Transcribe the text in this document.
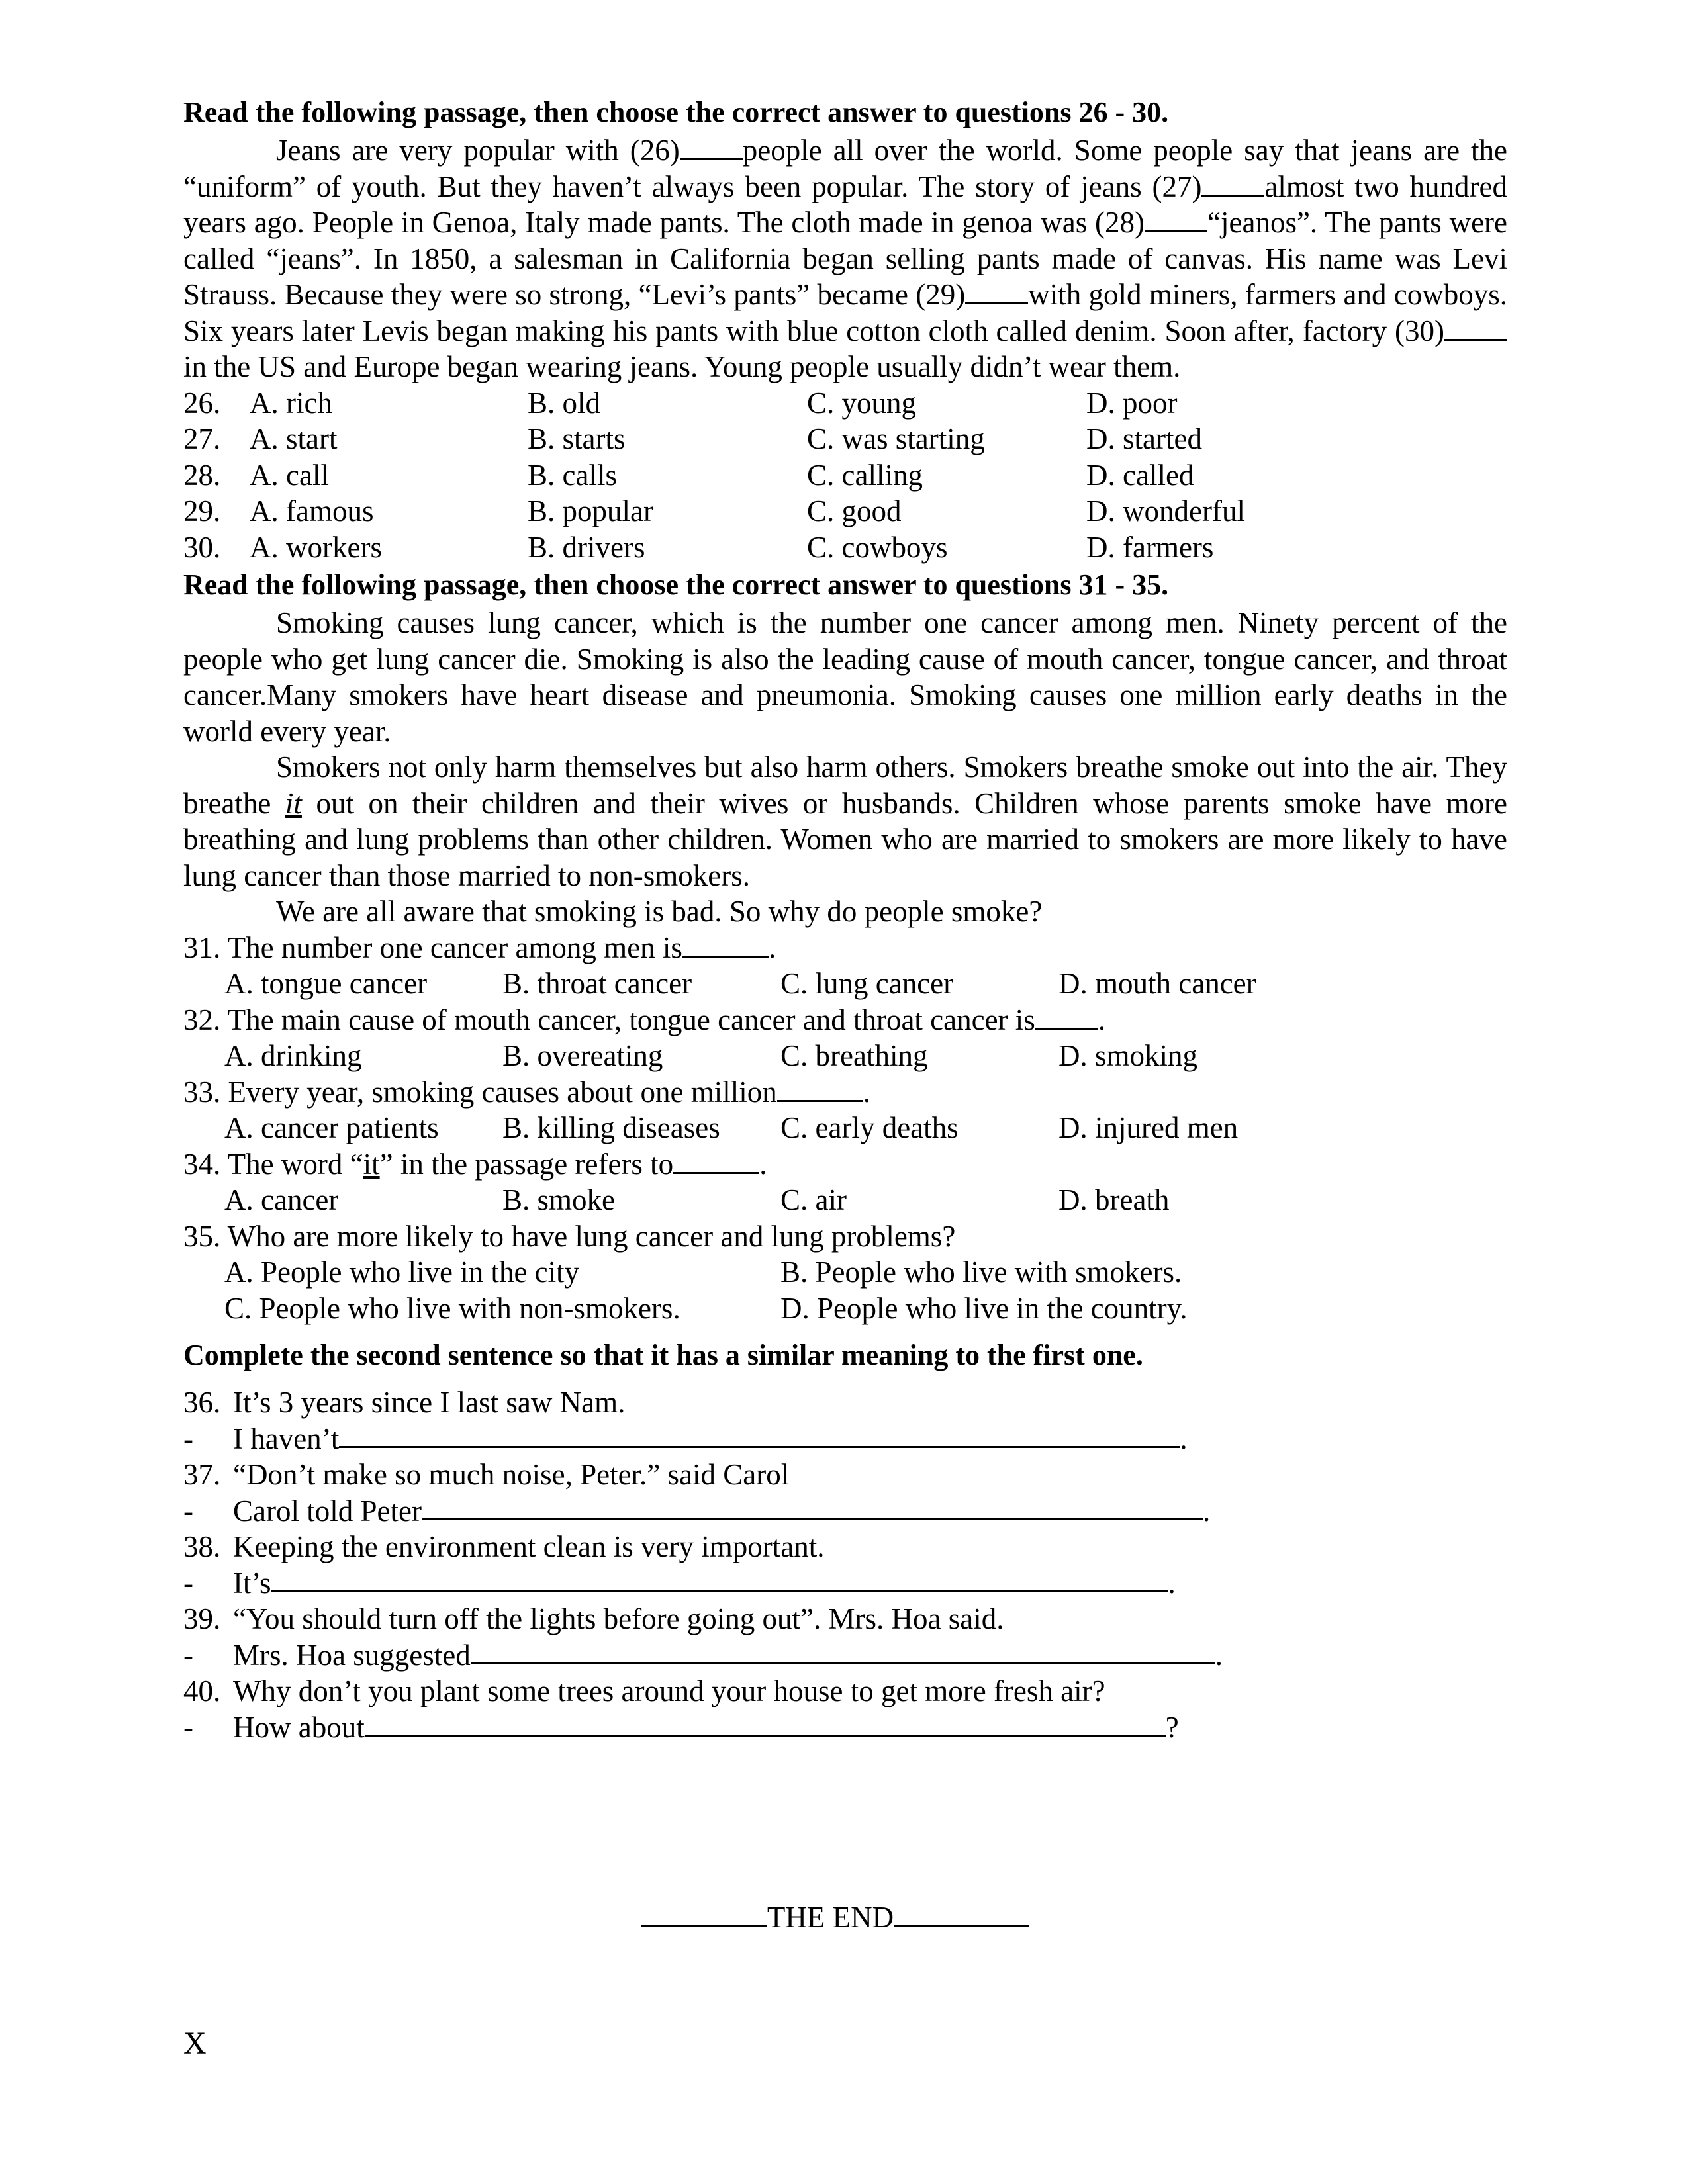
Read the following passage, then choose the correct answer to questions 26 - 30.

Jeans are very popular with (26) people all over the world. Some people say that jeans are the “uniform” of youth. But they haven’t always been popular. The story of jeans (27) almost two hundred years ago. People in Genoa, Italy made pants. The cloth made in genoa was (28) “jeanos”. The pants were called “jeans”. In 1850, a salesman in California began selling pants made of canvas. His name was Levi Strauss. Because they were so strong, “Levi’s pants” became (29) with gold miners, farmers and cowboys. Six years later Levis began making his pants with blue cotton cloth called denim. Soon after, factory (30)in the US and Europe began wearing jeans. Young people usually didn’t wear them.

26. A. rich	B. old	C. young	D. poor
27. A. start	B. starts	C. was starting	D. started
28. A. call	B. calls	C. calling	D. called
29. A. famous	B. popular	C. good	D. wonderful
30. A. workers	B. drivers	C. cowboys	D. farmers

Read the following passage, then choose the correct answer to questions 31 - 35.

Smoking causes lung cancer, which is the number one cancer among men. Ninety percent of the people who get lung cancer die. Smoking is also the leading cause of mouth cancer, tongue cancer, and throat cancer.Many smokers have heart disease and pneumonia. Smoking causes one million early deaths in the world every year.

Smokers not only harm themselves but also harm others. Smokers breathe smoke out into the air. They breathe it out on their children and their wives or husbands. Children whose parents smoke have more breathing and lung problems than other children. Women who are married to smokers are more likely to have lung cancer than those married to non-smokers.

We are all aware that smoking is bad. So why do people smoke?

31. The number one cancer among men is	.
A. tongue cancer	B. throat cancer	C. lung cancer	D. mouth cancer
32. The main cause of mouth cancer, tongue cancer and throat cancer is .
A. drinking	B. overeating	C. breathing	D. smoking
33. Every year, smoking causes about one million	.
A. cancer patients	B. killing diseases	C. early deaths	D. injured men
34. The word “it” in the passage refers to	.
A. cancer	B. smoke	C. air	D. breath
35. Who are more likely to have lung cancer and lung problems?
A. People who live in the city	B. People who live with smokers.
C. People who live with non-smokers.	D. People who live in the country.

Complete the second sentence so that it has a similar meaning to the first one.

36. It’s 3 years since I last saw Nam.
-	I haven’t	.
37. “Don’t make so much noise, Peter.” said Carol
-	Carol told Peter	.
38. Keeping the environment clean is very important.
-	It’s	.
39. “You should turn off the lights before going out”. Mrs. Hoa said.
-	Mrs. Hoa suggested	.
40. Why don’t you plant some trees around your house to get more fresh air?
-	How about	?
THE END
X
